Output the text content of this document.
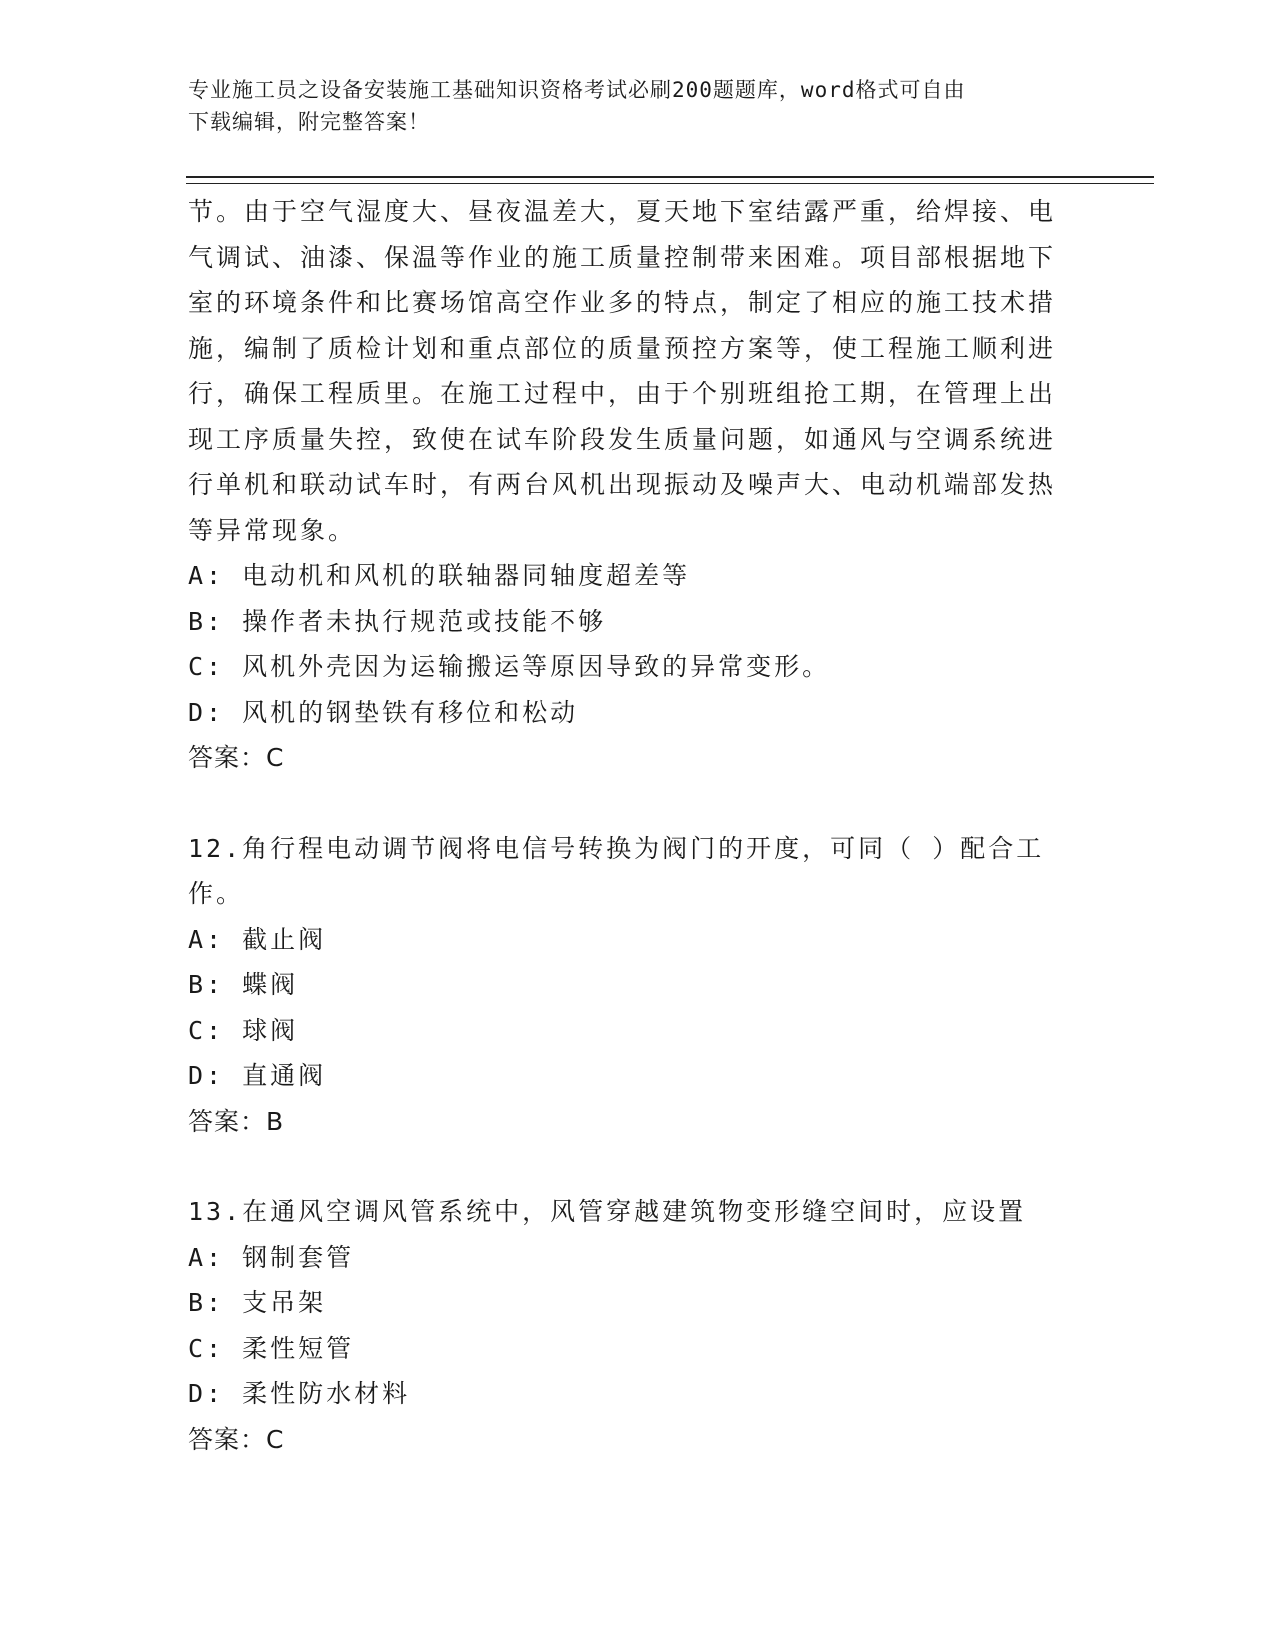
专业施工员之设备安装施工基础知识资格考试必刷200题题库，word格式可自由
下载编辑，附完整答案！

节。由于空气湿度大、昼夜温差大，夏天地下室结露严重，给焊接、电气调试、油漆、保温等作业的施工质量控制带来困难。项目部根据地下室的环境条件和比赛场馆高空作业多的特点，制定了相应的施工技术措施，编制了质检计划和重点部位的质量预控方案等，使工程施工顺利进行，确保工程质里。在施工过程中，由于个别班组抢工期，在管理上出现工序质量失控，致使在试车阶段发生质量问题，如通风与空调系统进行单机和联动试车时，有两台风机出现振动及噪声大、电动机端部发热等异常现象。

A: 电动机和风机的联轴器同轴度超差等

B: 操作者未执行规范或技能不够

C: 风机外壳因为运输搬运等原因导致的异常变形。

D: 风机的钢垫铁有移位和松动

答案：C

12.角行程电动调节阀将电信号转换为阀门的开度，可同（ ）配合工作。

A: 截止阀

B: 蝶阀

C: 球阀

D: 直通阀

答案：B

13.在通风空调风管系统中，风管穿越建筑物变形缝空间时，应设置

A: 钢制套管

B: 支吊架

C: 柔性短管

D: 柔性防水材料

答案：C
